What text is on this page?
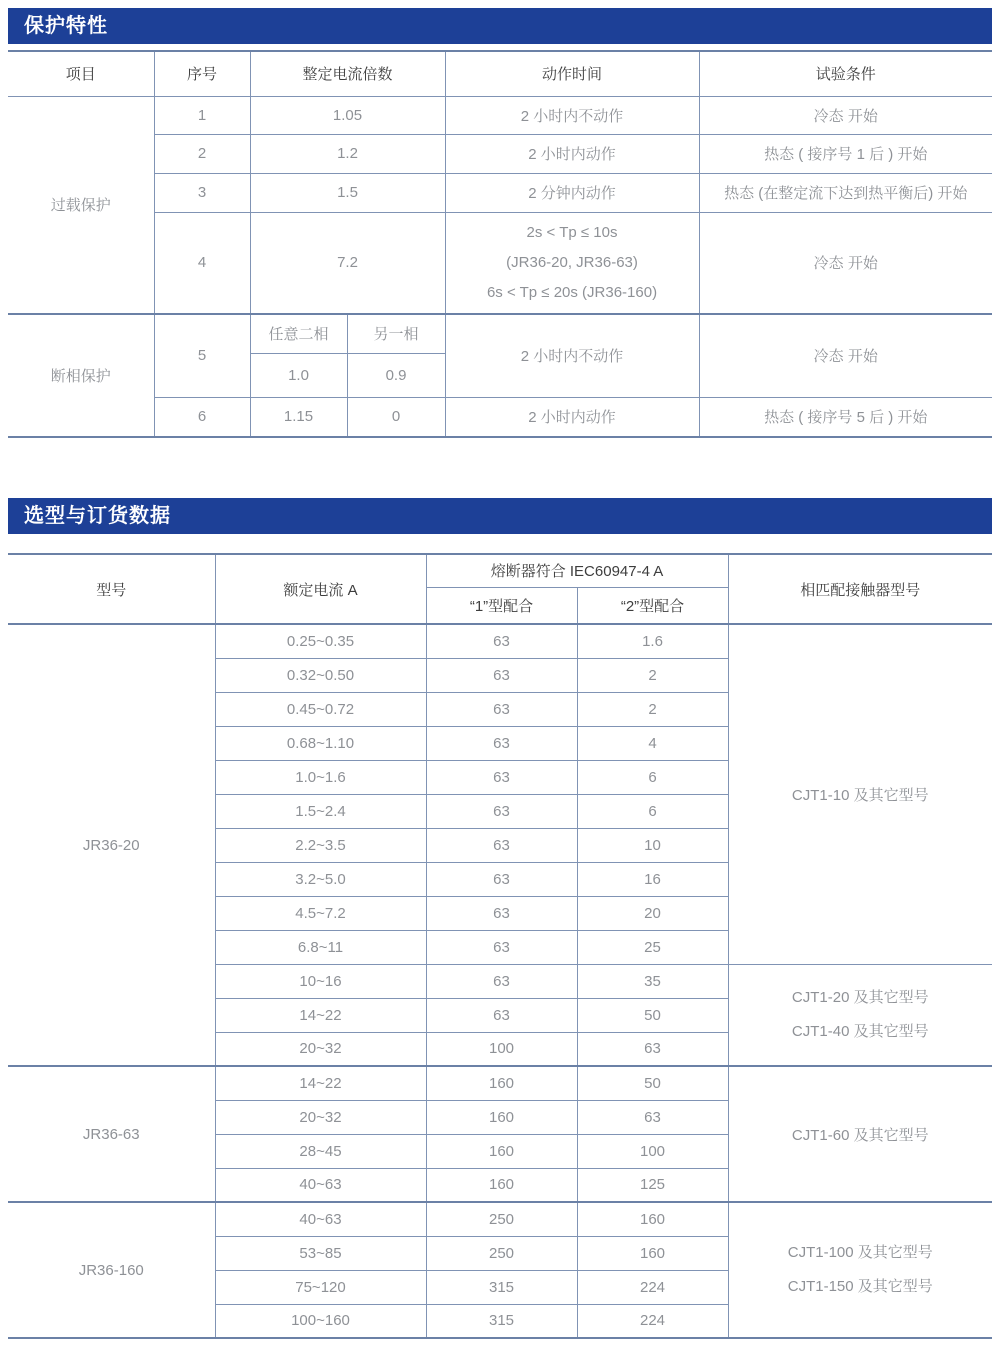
保护特性
项目	序号	整定电流倍数		动作时间	试验条件
过载保护	1	1.05		2 小时内不动作	冷态 开始
	2	1.2		2 小时内动作	热态 ( 接序号 1 后 ) 开始
	3	1.5		2 分钟内动作	热态 (在整定流下达到热平衡后) 开始
	4	7.2		2s < Tp ≤ 10s
(JR36-20, JR36-63)
6s < Tp ≤ 20s (JR36-160)	冷态 开始
断相保护	5	任意二相	另一相	2 小时内不动作	冷态 开始
		1.0	0.9		
	6	1.15	0	2 小时内动作	热态 ( 接序号 5 后 ) 开始
选型与订货数据
型号	额定电流 A	熔断器符合 IEC60947-4 A		相匹配接触器型号
		“1”型配合	“2”型配合	
JR36-20	0.25~0.35	63	1.6	CJT1-10 及其它型号
	0.32~0.50	63	2	
	0.45~0.72	63	2	
	0.68~1.10	63	4	
	1.0~1.6	63	6	
	1.5~2.4	63	6	
	2.2~3.5	63	10	
	3.2~5.0	63	16	
	4.5~7.2	63	20	
	6.8~11	63	25	
	10~16	63	35	CJT1-20 及其它型号
CJT1-40 及其它型号

	14~22	63	50	
	20~32	100	63	
JR36-63	14~22	160	50	CJT1-60 及其它型号
	20~32	160	63	
	28~45	160	100	
	40~63	160	125	
JR36-160	40~63	250	160	CJT1-100 及其它型号
CJT1-150 及其它型号

	53~85	250	160	
	75~120	315	224	
	100~160	315	224	
